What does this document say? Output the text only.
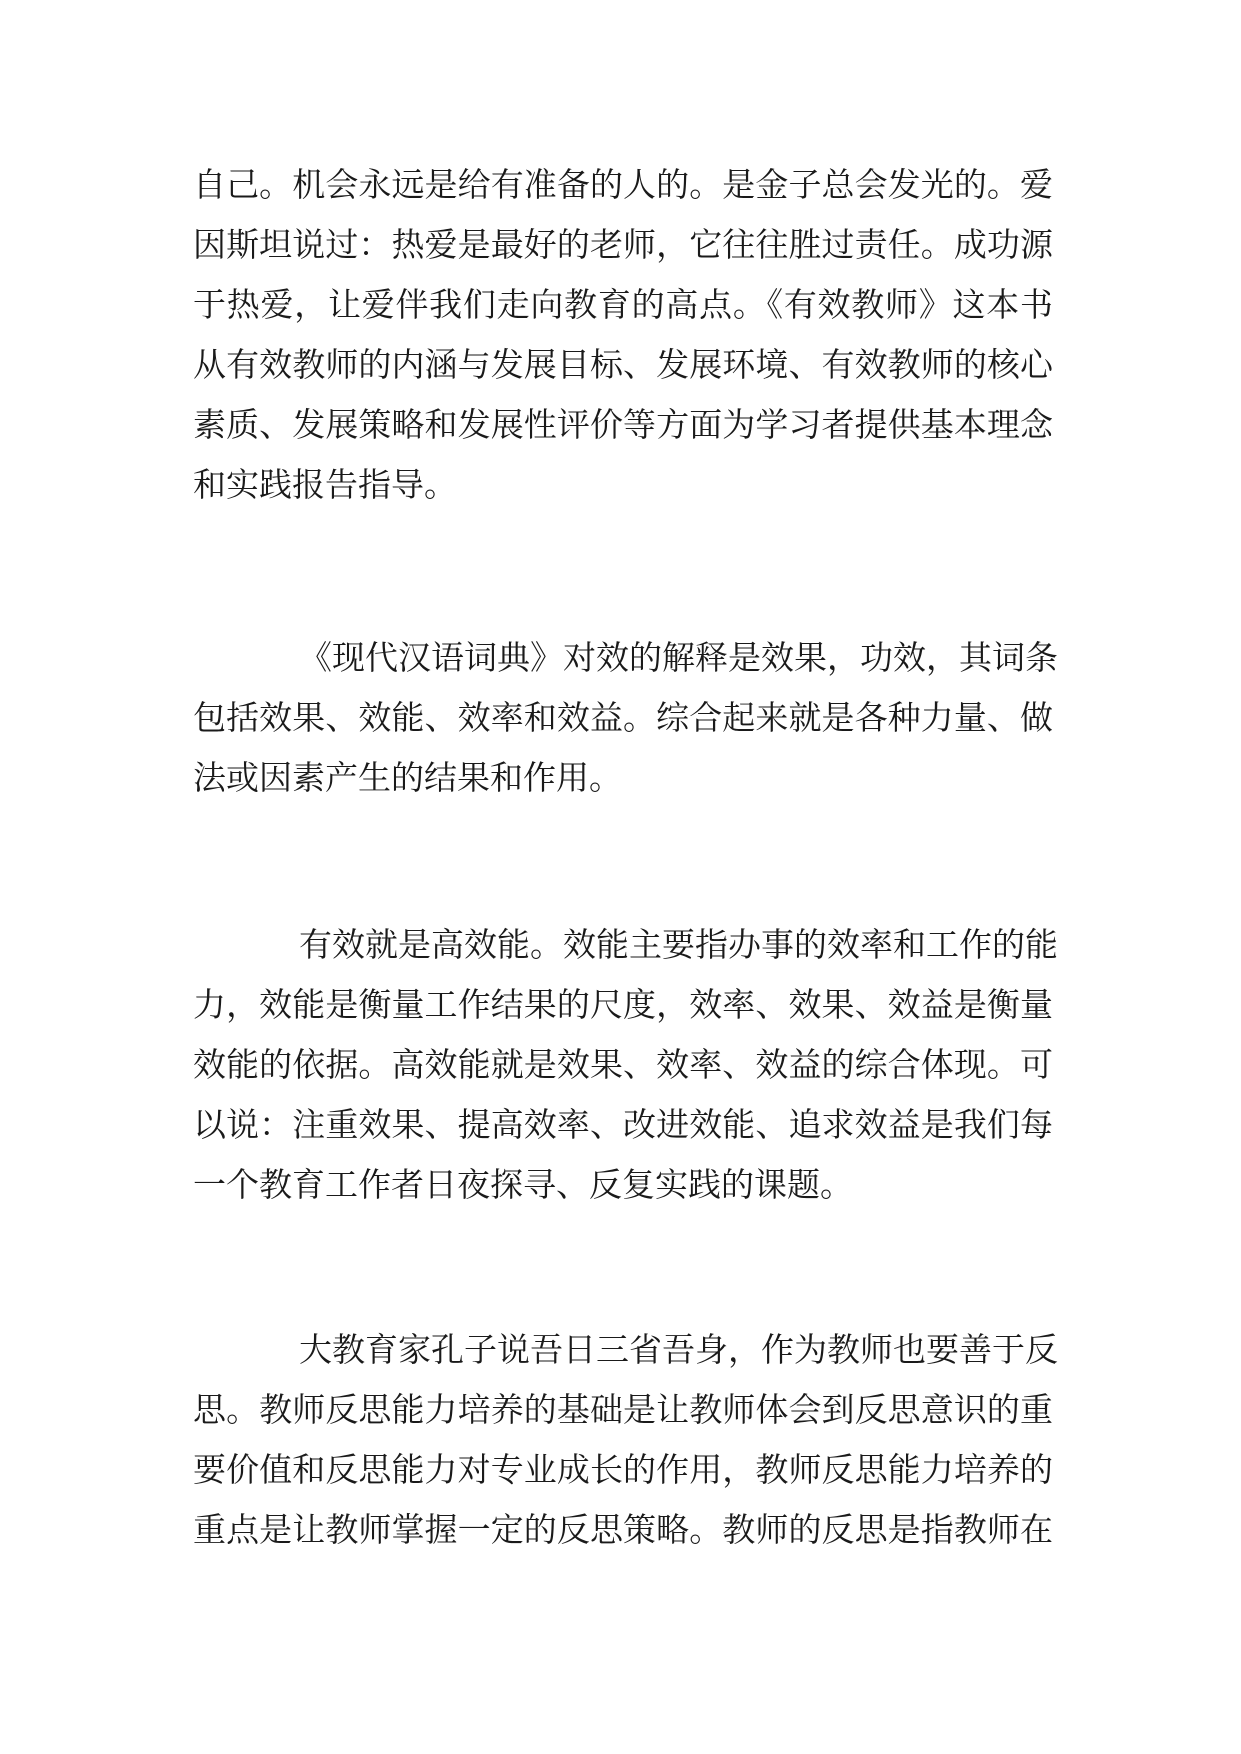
自己。机会永远是给有准备的人的。是金子总会发光的。爱
因斯坦说过：热爱是最好的老师，它往往胜过责任。成功源
于热爱，让爱伴我们走向教育的高点。《有效教师》这本书
从有效教师的内涵与发展目标、发展环境、有效教师的核心
素质、发展策略和发展性评价等方面为学习者提供基本理念
和实践报告指导。
《现代汉语词典》对效的解释是效果，功效，其词条
包括效果、效能、效率和效益。综合起来就是各种力量、做
法或因素产生的结果和作用。
有效就是高效能。效能主要指办事的效率和工作的能
力，效能是衡量工作结果的尺度，效率、效果、效益是衡量
效能的依据。高效能就是效果、效率、效益的综合体现。可
以说：注重效果、提高效率、改进效能、追求效益是我们每
一个教育工作者日夜探寻、反复实践的课题。
大教育家孔子说吾日三省吾身，作为教师也要善于反
思。教师反思能力培养的基础是让教师体会到反思意识的重
要价值和反思能力对专业成长的作用，教师反思能力培养的
重点是让教师掌握一定的反思策略。教师的反思是指教师在
